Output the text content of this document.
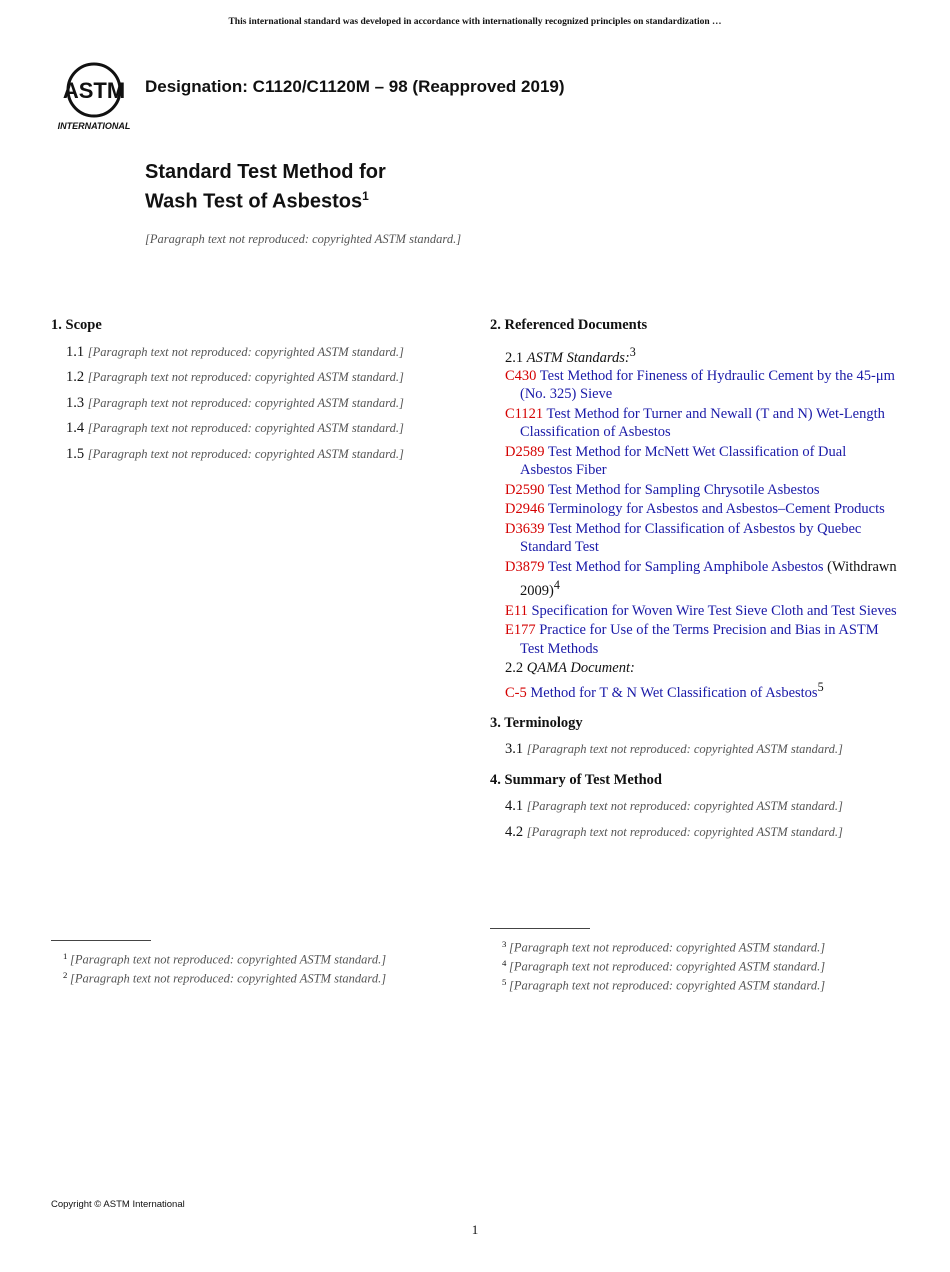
This international standard was developed in accordance with internationally recognized principles on standardization …
ASTM
INTERNATIONAL
Designation: C1120/C1120M – 98 (Reapproved 2019)
Standard Test Method for
Wash Test of Asbestos$^1$
[Paragraph text not reproduced: copyrighted ASTM standard.]
1. Scope

1.1 [Paragraph text not reproduced: copyrighted ASTM standard.]

1.2 [Paragraph text not reproduced: copyrighted ASTM standard.]

1.3 [Paragraph text not reproduced: copyrighted ASTM standard.]

1.4 [Paragraph text not reproduced: copyrighted ASTM standard.]

1.5 [Paragraph text not reproduced: copyrighted ASTM standard.]

2. Referenced Documents
2.1 ASTM Standards:$^3$
C430 Test Method for Fineness of Hydraulic Cement by the 45-μm (No. 325) Sieve
C1121 Test Method for Turner and Newall (T and N) Wet-Length Classification of Asbestos
D2589 Test Method for McNett Wet Classification of Dual Asbestos Fiber
D2590 Test Method for Sampling Chrysotile Asbestos
D2946 Terminology for Asbestos and Asbestos–Cement Products
D3639 Test Method for Classification of Asbestos by Quebec Standard Test
D3879 Test Method for Sampling Amphibole Asbestos (Withdrawn 2009)$^4$
E11 Specification for Woven Wire Test Sieve Cloth and Test Sieves
E177 Practice for Use of the Terms Precision and Bias in ASTM Test Methods
2.2 QAMA Document:
C-5 Method for T & N Wet Classification of Asbestos$^5$
3. Terminology

3.1 [Paragraph text not reproduced: copyrighted ASTM standard.]

4. Summary of Test Method

4.1 [Paragraph text not reproduced: copyrighted ASTM standard.]

4.2 [Paragraph text not reproduced: copyrighted ASTM standard.]

$^1$ [Paragraph text not reproduced: copyrighted ASTM standard.]
$^2$ [Paragraph text not reproduced: copyrighted ASTM standard.]
$^3$ [Paragraph text not reproduced: copyrighted ASTM standard.]
$^4$ [Paragraph text not reproduced: copyrighted ASTM standard.]
$^5$ [Paragraph text not reproduced: copyrighted ASTM standard.]
Copyright © ASTM International
1
